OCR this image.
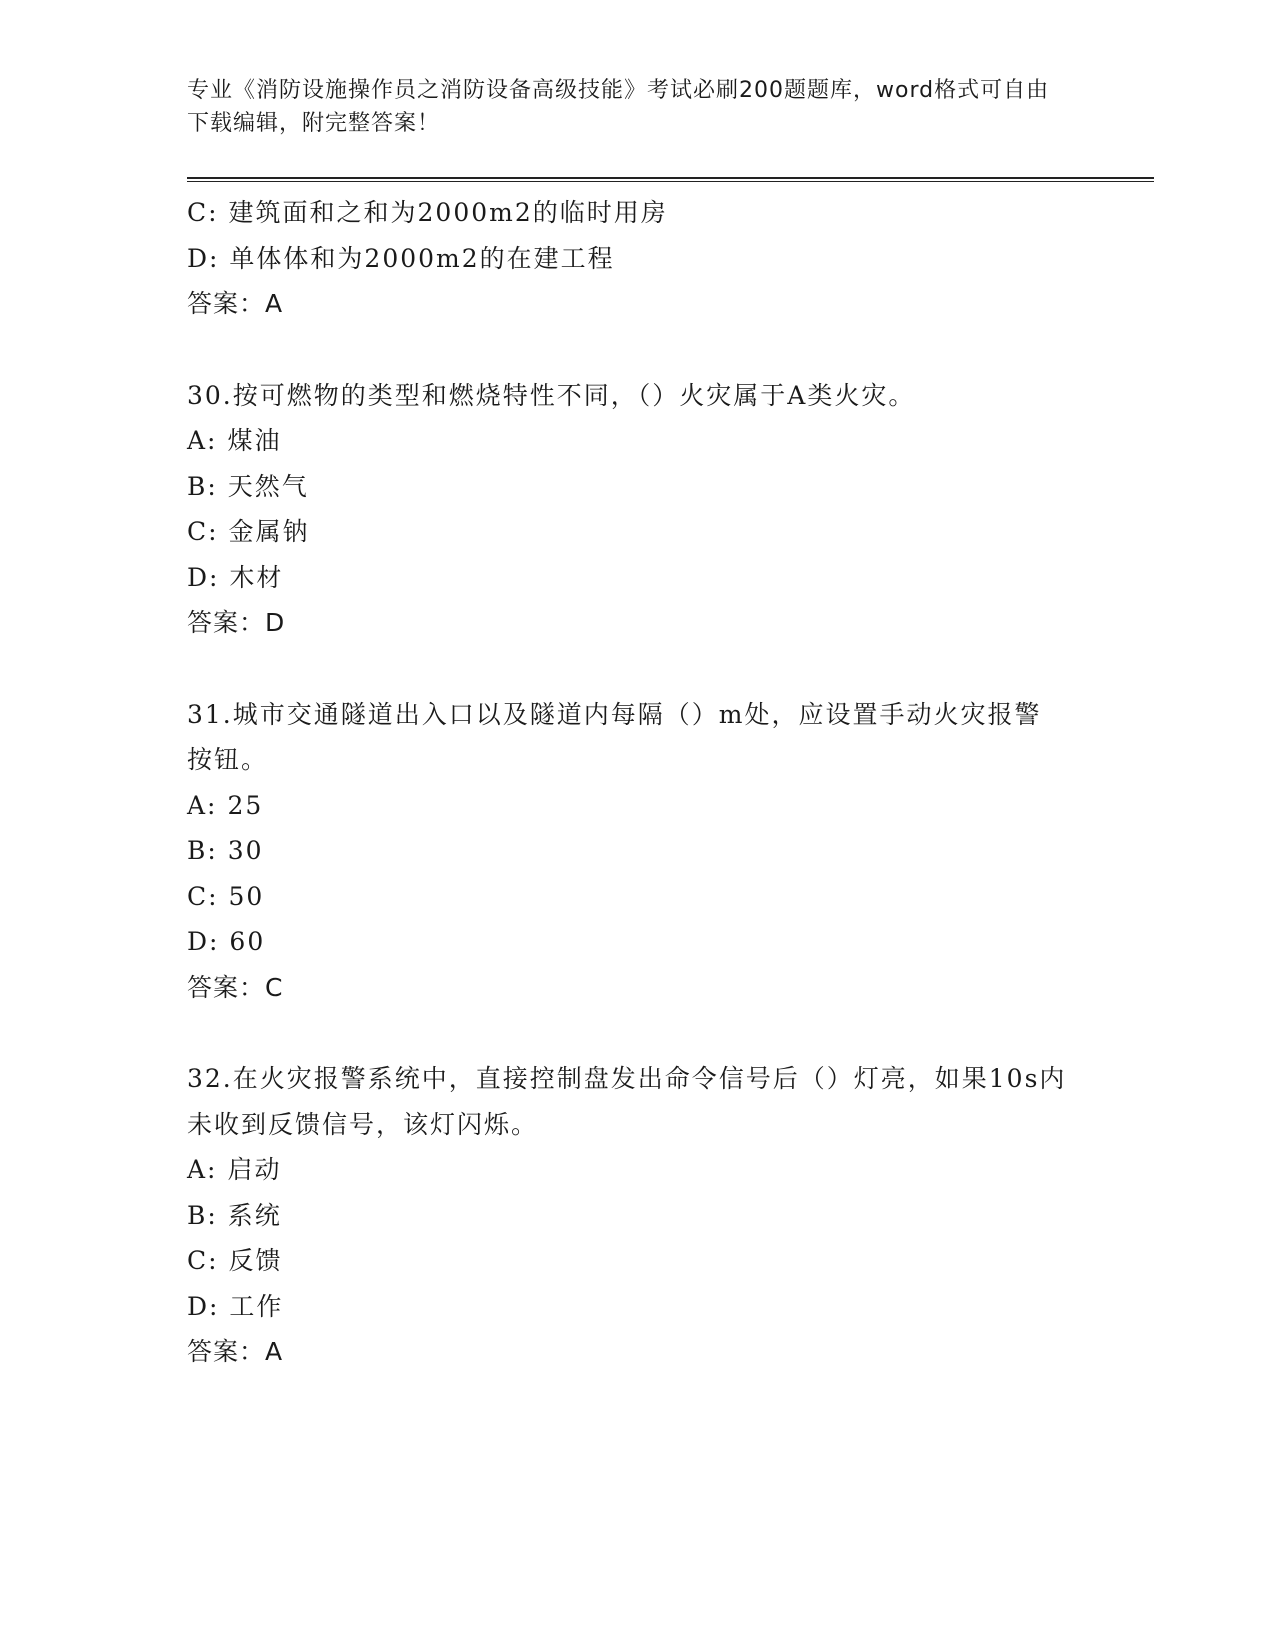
专业《消防设施操作员之消防设备高级技能》考试必刷200题题库，word格式可自由下载编辑，附完整答案！
C: 建筑面和之和为2000m2的临时用房
D: 单体体和为2000m2的在建工程
答案：A
30.按可燃物的类型和燃烧特性不同，（）火灾属于A类火灾。
A: 煤油
B: 天然气
C: 金属钠
D: 木材
答案：D
31.城市交通隧道出入口以及隧道内每隔（）m处，应设置手动火灾报警按钮。
A: 25
B: 30
C: 50
D: 60
答案：C
32.在火灾报警系统中，直接控制盘发出命令信号后（）灯亮，如果10s内未收到反馈信号，该灯闪烁。
A: 启动
B: 系统
C: 反馈
D: 工作
答案：A
